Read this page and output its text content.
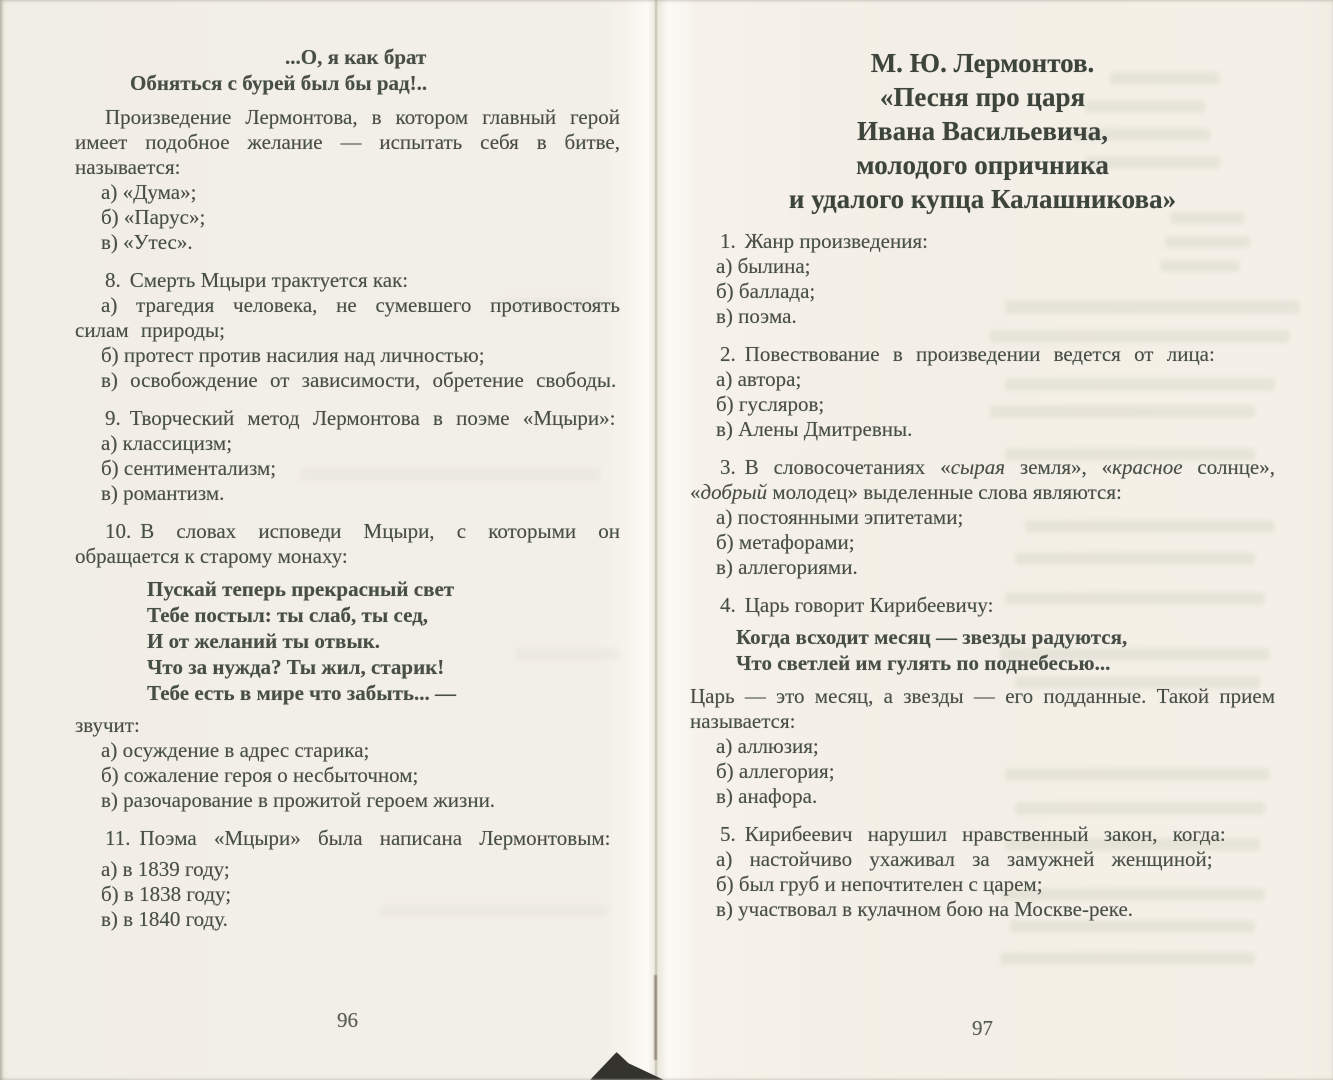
...О, я как брат
Обняться с бурей был бы рад!..

Произведение Лермонтова, в котором главный герой имеет подобное желание — испытать себя в битве, называется:

а) «Дума»;

б) «Парус»;

в) «Утес».

8. Смерть Мцыри трактуется как:

а) трагедия человека, не сумевшего противостоять силам природы;

б) протест против насилия над личностью;

в) освобождение от зависимости, обретение свободы.

9. Творческий метод Лермонтова в поэме «Мцыри»:

а) классицизм;

б) сентиментализм;

в) романтизм.

10. В словах исповеди Мцыри, с которыми он обращается к старому монаху:

Пускай теперь прекрасный свет
Тебе постыл: ты слаб, ты сед,
И от желаний ты отвык.
Что за нужда? Ты жил, старик!
Тебе есть в мире что забыть... —

звучит:

а) осуждение в адрес старика;

б) сожаление героя о несбыточном;

в) разочарование в прожитой героем жизни.

11. Поэма «Мцыри» была написана Лермонтовым:

а) в 1839 году;

б) в 1838 году;

в) в 1840 году.

96
М. Ю. Лермонтов.
«Песня про царя
Ивана Васильевича,
молодого опричника
и удалого купца Калашникова»

1. Жанр произведения:

а) былина;

б) баллада;

в) поэма.

2. Повествование в произведении ведется от лица:

а) автора;

б) гусляров;

в) Алены Дмитревны.

3. В словосочетаниях «сырая земля», «красное солнце», «добрый молодец» выделенные слова являются:

а) постоянными эпитетами;

б) метафорами;

в) аллегориями.

4. Царь говорит Кирибеевичу:

Когда всходит месяц — звезды радуются,
Что светлей им гулять по поднебесью...

Царь — это месяц, а звезды — его подданные. Такой прием называется:

а) аллюзия;

б) аллегория;

в) анафора.

5. Кирибеевич нарушил нравственный закон, когда:

а) настойчиво ухаживал за замужней женщиной;

б) был груб и непочтителен с царем;

в) участвовал в кулачном бою на Москве-реке.

97
